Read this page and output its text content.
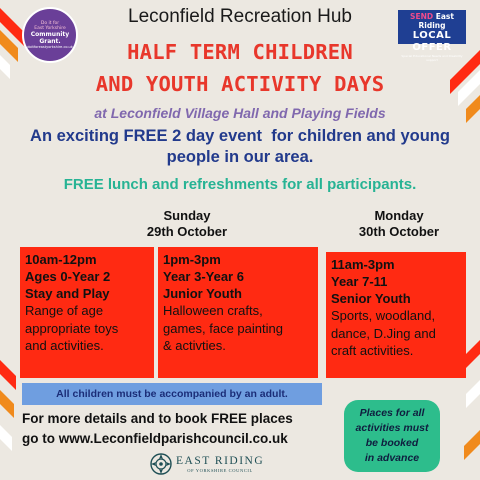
Do it for
East Yorkshire
Community
Grant.
doitforeastyorkshire.co.uk
SEND East Riding
LOCAL OFFER
Special Educational Needs and Disability support
Leconfield Recreation Hub
HALF TERM CHILDREN
AND YOUTH ACTIVITY DAYS
at Leconfield Village Hall and Playing Fields
An exciting FREE 2 day event  for children and young
people in our area.
FREE lunch and refreshments for all participants.
Sunday
29th October
Monday
30th October
10am-12pm
Ages 0-Year 2
Stay and Play
Range of age
appropriate toys
and activities.
1pm-3pm
Year 3-Year 6
Junior Youth
Halloween crafts,
games, face painting
& activties.
11am-3pm
Year 7-11
Senior Youth
Sports, woodland,
dance, D.Jing and
craft activities.
All children must be accompanied by an adult.
For more details and to book FREE places
go to www.Leconfieldparishcouncil.co.uk
Places for all
activities must
be booked
in advance
EAST RIDING
OF YORKSHIRE COUNCIL
